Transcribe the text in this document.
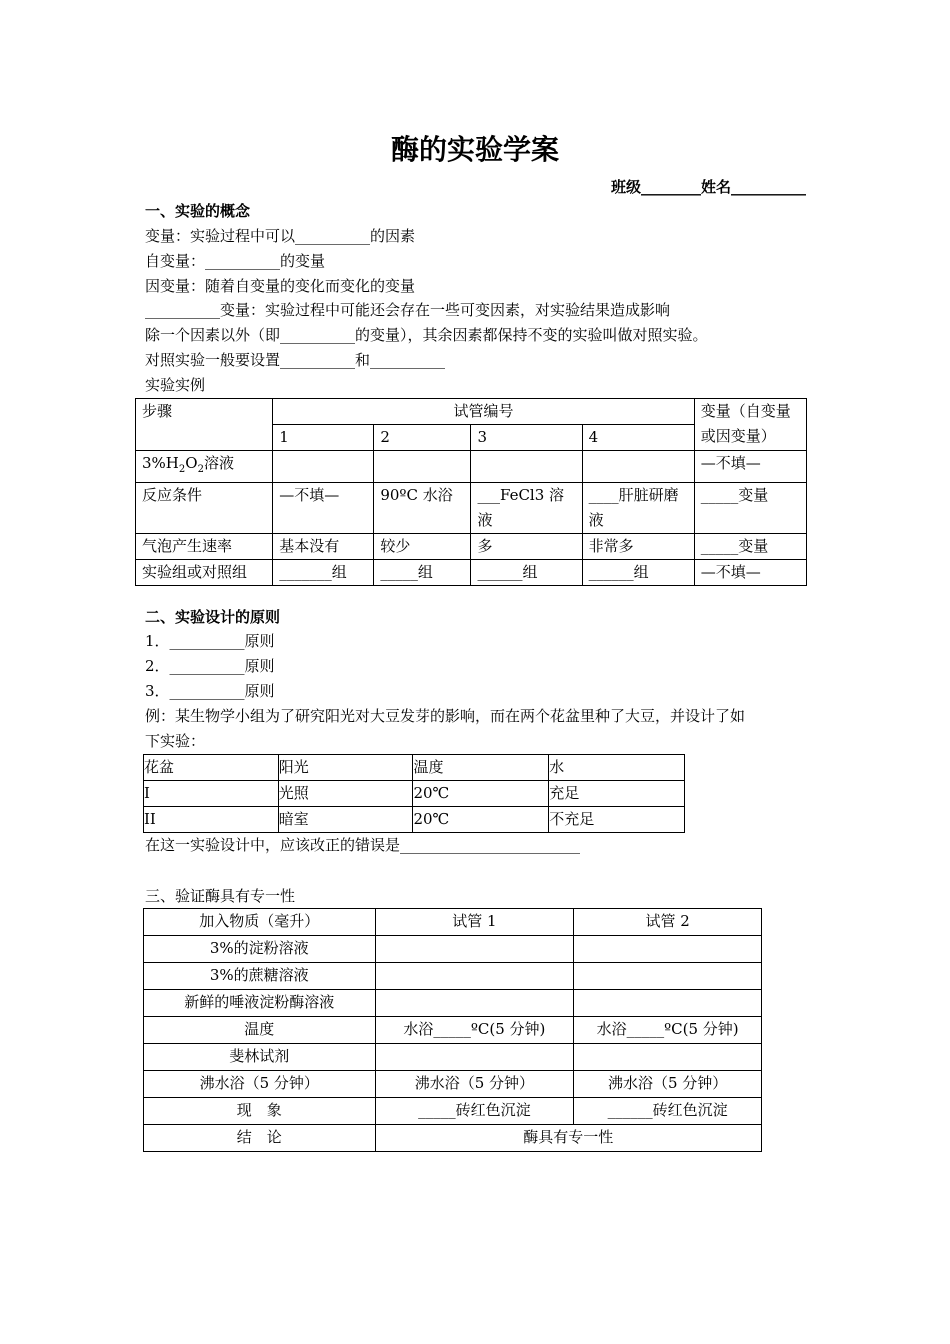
酶的实验学案
班级________姓名__________
一、实验的概念
变量：实验过程中可以__________的因素
自变量：__________的变量
因变量：随着自变量的变化而变化的变量
__________变量：实验过程中可能还会存在一些可变因素，对实验结果造成影响
除一个因素以外（即__________的变量），其余因素都保持不变的实验叫做对照实验。
对照实验一般要设置__________和__________
实验实例
步骤	试管编号				变量（自变量或因变量）
	1	2	3	4	
$3\%H_2O_2$溶液					—不填—
反应条件	—不填—	90ºC 水浴	___FeCl3 溶液	____肝脏研磨液	_____变量
气泡产生速率	基本没有	较少	多	非常多	_____变量
实验组或对照组	_______组	_____组	______组	______组	—不填—
二、实验设计的原则
1．__________原则
2．__________原则
3．__________原则
例：某生物学小组为了研究阳光对大豆发芽的影响，而在两个花盆里种了大豆，并设计了如
下实验：
花盆	阳光	温度	水
I	光照	20℃	充足
II	暗室	20℃	不充足
在这一实验设计中，应该改正的错误是________________________
三、验证酶具有专一性
加入物质（毫升）	试管 1	试管 2
3%的淀粉溶液		
3%的蔗糖溶液		
新鲜的唾液淀粉酶溶液		
温度	水浴_____ºC(5 分钟)	水浴_____ºC(5 分钟)
斐林试剂		
沸水浴（5 分钟）	沸水浴（5 分钟）	沸水浴（5 分钟）
现　象	_____砖红色沉淀	______砖红色沉淀
结　论	酶具有专一性	
